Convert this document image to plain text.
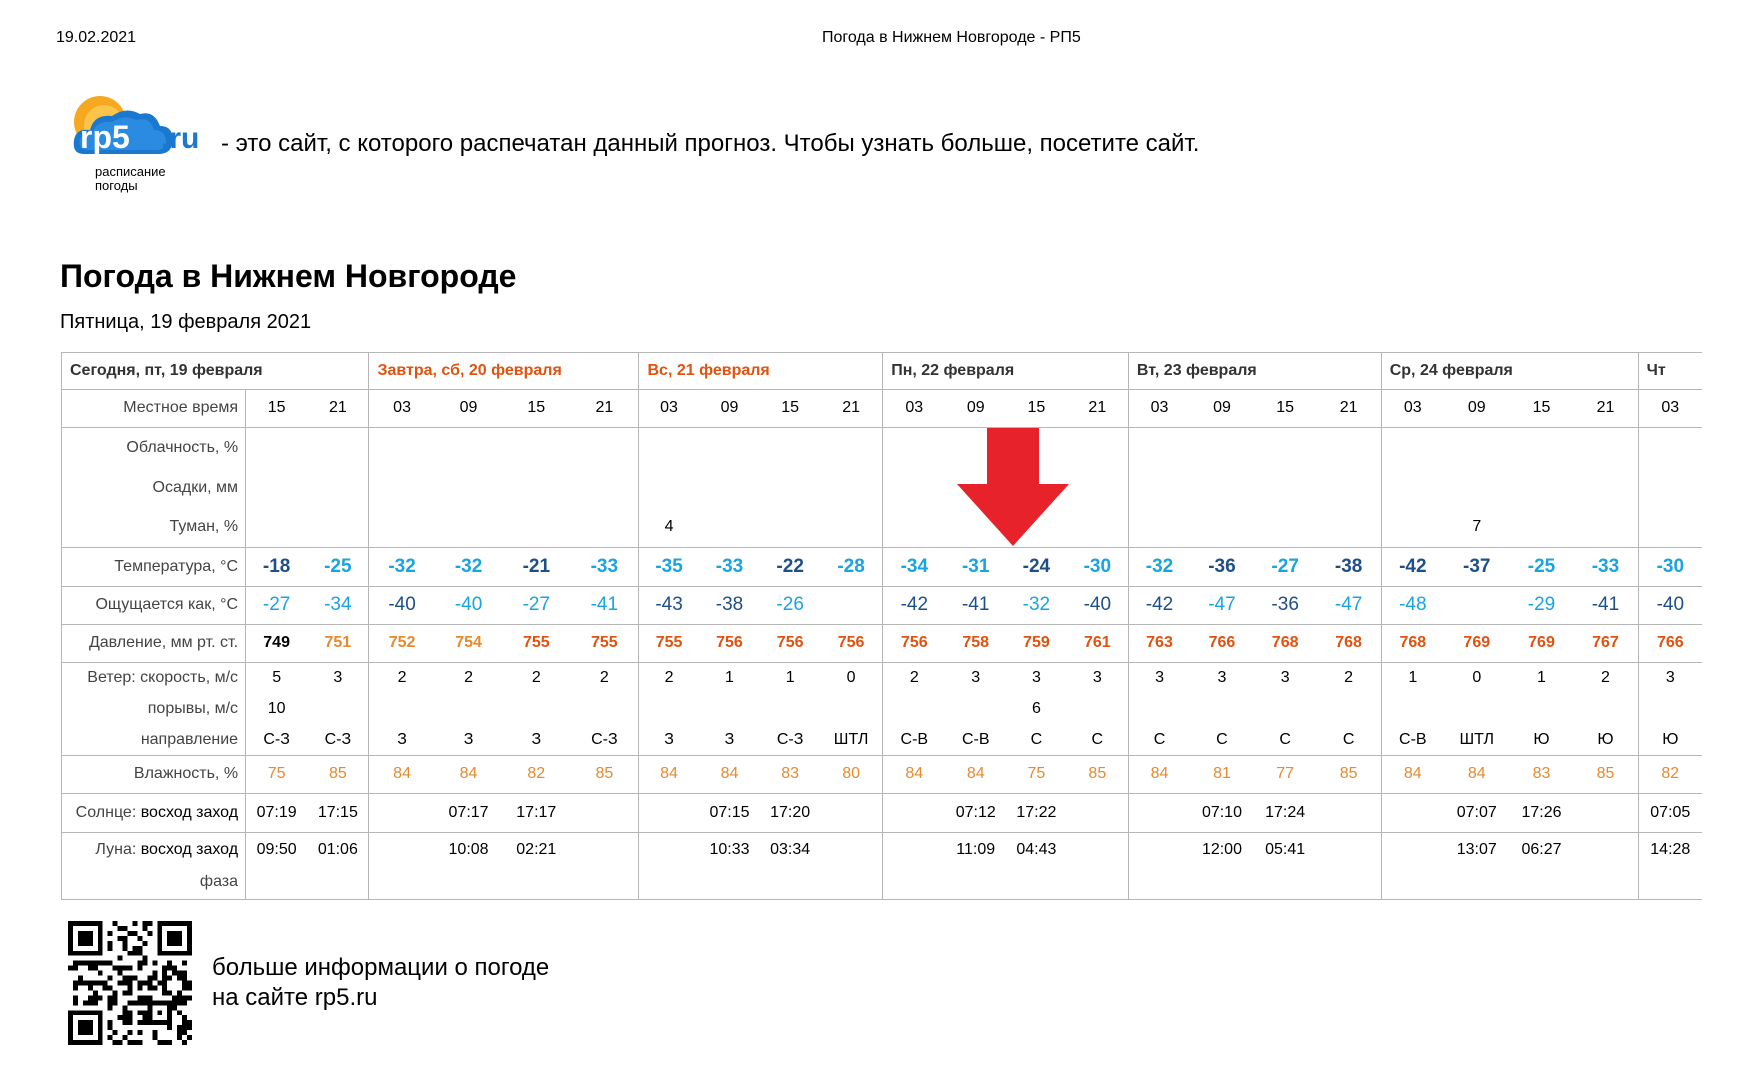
19.02.2021	Погода в Нижнем Новгороде - РП5
rp5 .ru
расписание
погоды
- это сайт, с которого распечатан данный прогноз. Чтобы узнать больше, посетите сайт.
Погода в Нижнем Новгороде
Пятница, 19 февраля 2021
Сегодня, пт, 19 февраля			Завтра, сб, 20 февраля				Вс, 21 февраля				Пн, 22 февраля				Вт, 23 февраля				Ср, 24 февраля				Чт
Местное время	15	21	03	09	15	21	03	09	15	21	03	09	15	21	03	09	15	21	03	09	15	21	03
Облачность, %																							
Осадки, мм																							
Туман, %							4													7			
Температура, °C	-18	-25	-32	-32	-21	-33	-35	-33	-22	-28	-34	-31	-24	-30	-32	-36	-27	-38	-42	-37	-25	-33	-30
Ощущается как, °C	-27	-34	-40	-40	-27	-41	-43	-38	-26		-42	-41	-32	-40	-42	-47	-36	-47	-48		-29	-41	-40
Давление, мм рт. ст.	749	751	752	754	755	755	755	756	756	756	756	758	759	761	763	766	768	768	768	769	769	767	766
Ветер: скорость, м/с	5	3	2	2	2	2	2	1	1	0	2	3	3	3	3	3	3	2	1	0	1	2	3
порывы, м/с	10												6										
направление	С-З	С-З	З	З	З	С-З	З	З	С-З	ШТЛ	С-В	С-В	С	С	С	С	С	С	С-В	ШТЛ	Ю	Ю	Ю
Влажность, %	75	85	84	84	82	85	84	84	83	80	84	84	75	85	84	81	77	85	84	84	83	85	82
Солнце: восход заход	07:19	17:15		07:17	17:17			07:15	17:20			07:12	17:22			07:10	17:24			07:07	17:26		07:05
Луна: восход заход	09:50	01:06		10:08	02:21			10:33	03:34			11:09	04:43			12:00	05:41			13:07	06:27		14:28
фаза																							
больше информации о погоде
на сайте rp5.ru
